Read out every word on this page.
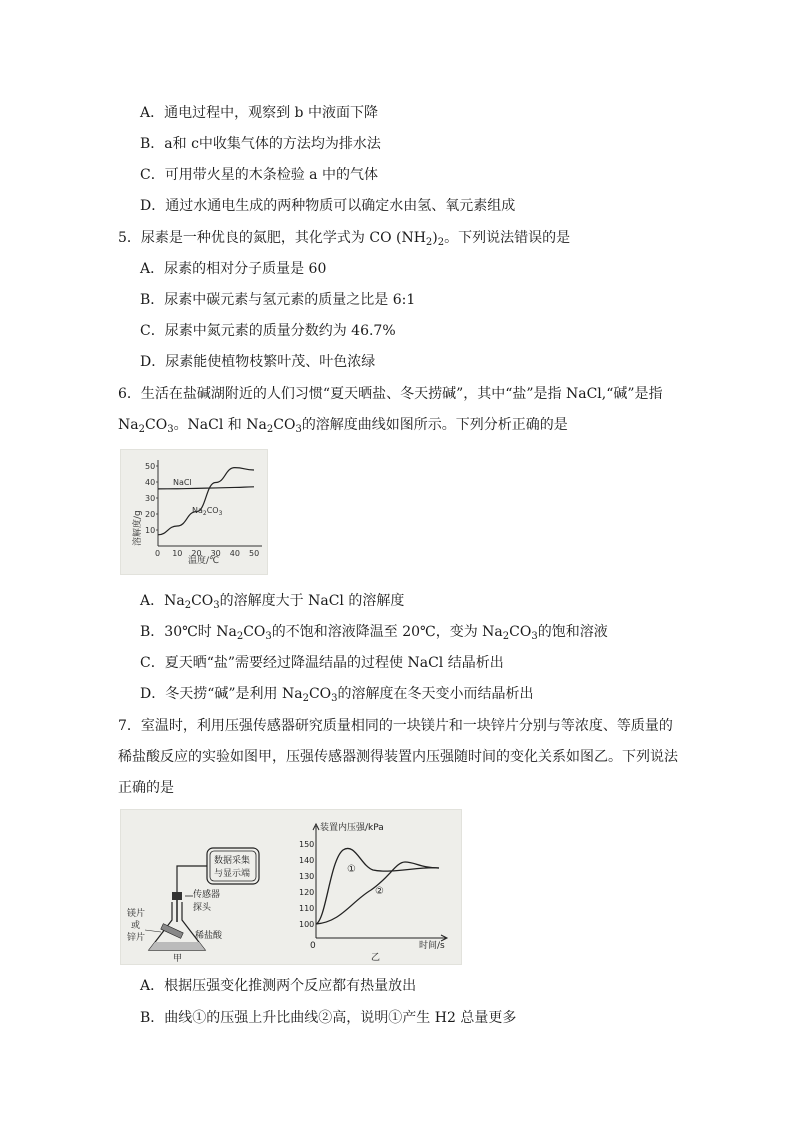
A．通电过程中，观察到 b 中液面下降
B．a和 c中收集气体的方法均为排水法
C．可用带火星的木条检验 a 中的气体
D．通过水通电生成的两种物质可以确定水由氢、氧元素组成
5．尿素是一种优良的氮肥，其化学式为 CO $(NH_2)_2$。下列说法错误的是
A．尿素的相对分子质量是 60
B．尿素中碳元素与氢元素的质量之比是 6:1
C．尿素中氮元素的质量分数约为 46.7%
D．尿素能使植物枝繁叶茂、叶色浓绿
6．生活在盐碱湖附近的人们习惯“夏天晒盐、冬天捞碱”，其中“盐”是指 NaCl,“碱”是指
$Na_2CO_3$。NaCl 和 $Na_2CO_3$的溶解度曲线如图所示。下列分析正确的是
0 10 20 30 40 50
10
20
30
40
50
溶解度/g
温度/℃
NaCl
$Na_2CO_3$
A．$Na_2CO_3$的溶解度大于 NaCl 的溶解度
B．30℃时 $Na_2CO_3$的不饱和溶液降温至 20℃，变为 $Na_2CO_3$的饱和溶液
C．夏天晒“盐”需要经过降温结晶的过程使 NaCl 结晶析出
D．冬天捞“碱”是利用 $Na_2CO_3$的溶解度在冬天变小而结晶析出
7．室温时，利用压强传感器研究质量相同的一块镁片和一块锌片分别与等浓度、等质量的
稀盐酸反应的实验如图甲，压强传感器测得装置内压强随时间的变化关系如图乙。下列说法
正确的是
数据采集
与显示端
传感器
探头
镁片
或
锌片	稀盐酸
甲
装置内压强/kPa
时间/s
0
100
110
120
130
140
150
①
②
乙
A．根据压强变化推测两个反应都有热量放出
B．曲线①的压强上升比曲线②高，说明①产生 H2 总量更多
